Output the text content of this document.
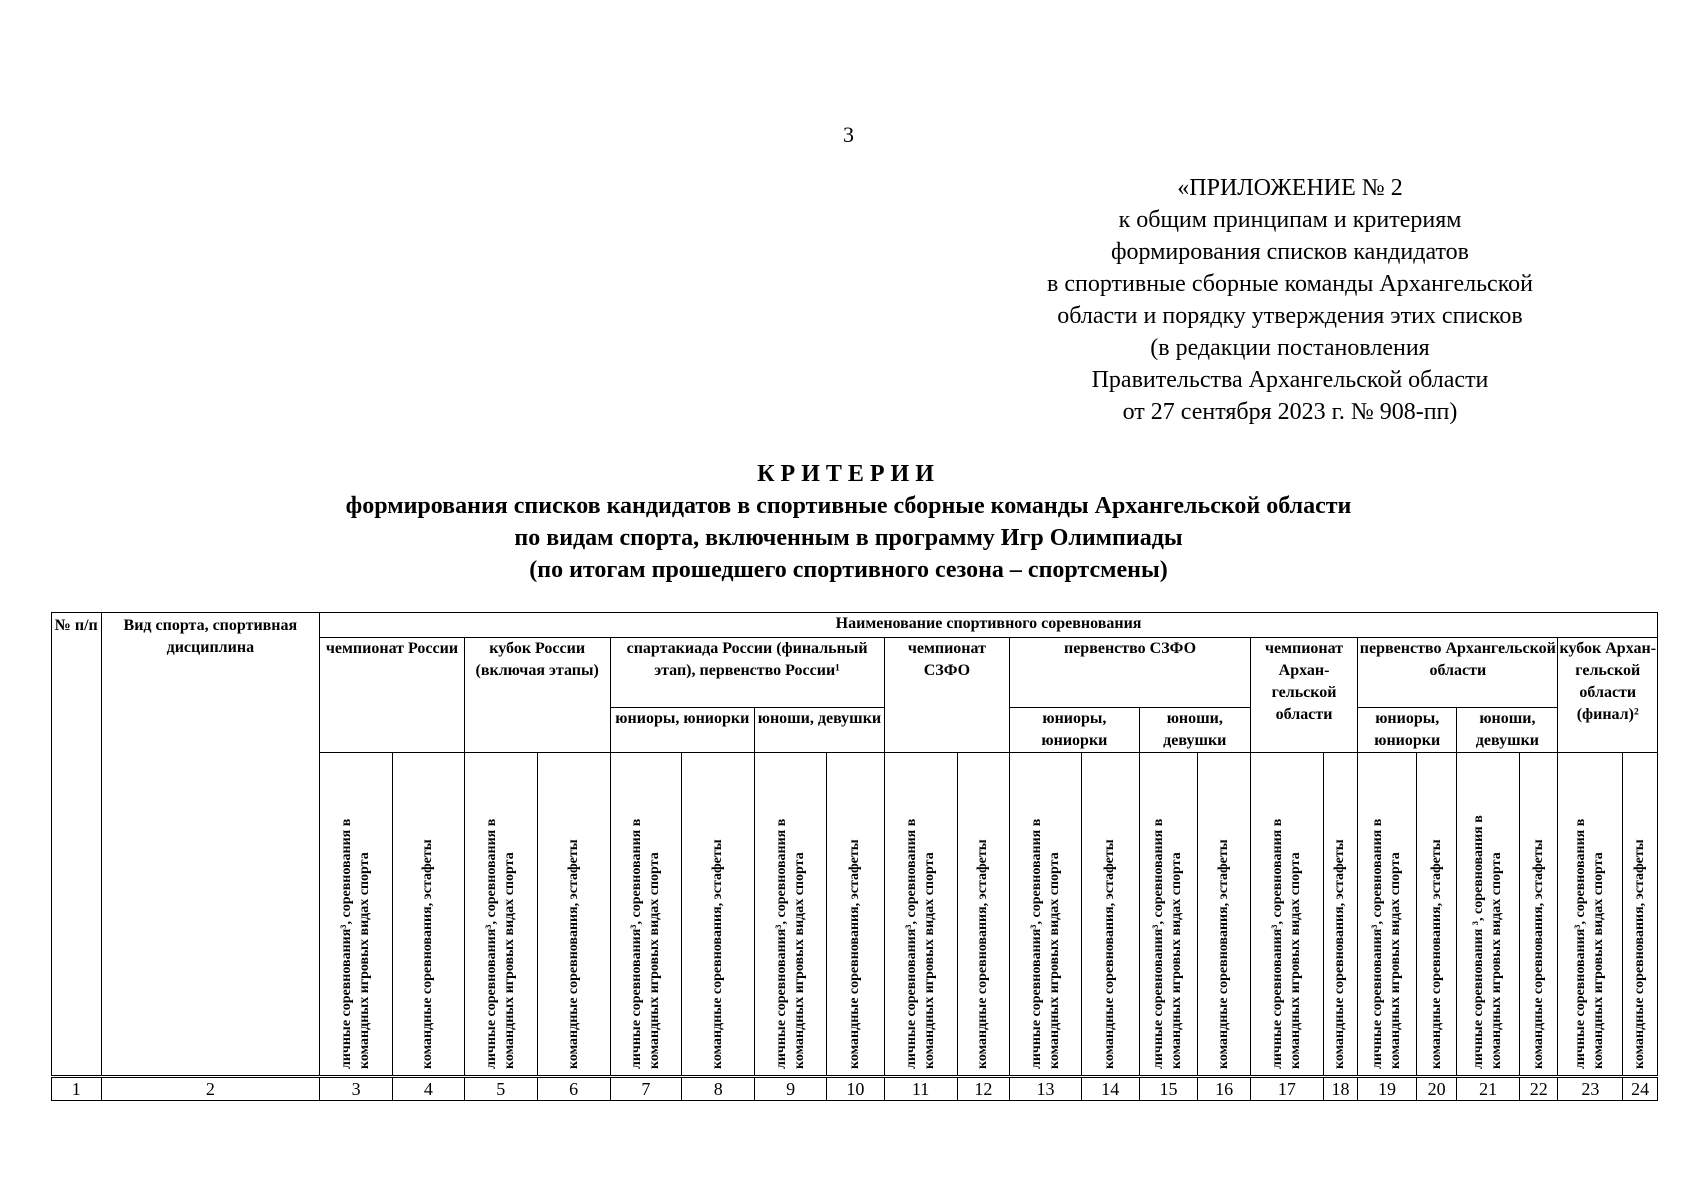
3
«ПРИЛОЖЕНИЕ № 2
к общим принципам и критериям
формирования списков кандидатов
в спортивные сборные команды Архангельской
области и порядку утверждения этих списков
(в редакции постановления
Правительства Архангельской области
от 27 сентября 2023 г. № 908-пп)
КРИТЕРИИ
формирования списков кандидатов в спортивные сборные команды Архангельской области
по видам спорта, включенным в программу Игр Олимпиады
(по итогам прошедшего спортивного сезона – спортсмены)
№ п/п	Вид спорта, спортивная дисциплина	Наименование спортивного соревнования																					

		чемпионат России		кубок России (включая этапы)		спартакиада России (финальный этап), первенство России¹				чемпионат СЗФО		первенство СЗФО				чемпионат Архан-гельской области		первенство Архангельской области				кубок Архан-гельской области (финал)²	

						юниоры, юниорки		юноши, девушки				юниоры, юниорки		юноши, девушки				юниоры, юниорки		юноши, девушки			

		личные соревнования³, соревнования в командных игровых видах спорта	командные соревнования, эстафеты	личные соревнования³, соревнования в командных игровых видах спорта	командные соревнования, эстафеты	личные соревнования³, соревнования в командных игровых видах спорта	командные соревнования, эстафеты	личные соревнования³, соревнования в командных игровых видах спорта	командные соревнования, эстафеты	личные соревнования³, соревнования в командных игровых видах спорта	командные соревнования, эстафеты	личные соревнования³, соревнования в командных игровых видах спорта	командные соревнования, эстафеты	личные соревнования³, соревнования в командных игровых видах спорта	командные соревнования, эстафеты	личные соревнования³, соревнования в командных игровых видах спорта	командные соревнования, эстафеты	личные соревнования³, соревнования в командных игровых видах спорта	командные соревнования, эстафеты	личные соревнования ³, соревнования в командных игровых видах спорта	командные соревнования, эстафеты	личные соревнования³, соревнования в командных игровых видах спорта	командные соревнования, эстафеты

1	2	3	4	5	6	7	8	9	10	11	12	13	14	15	16	17	18	19	20	21	22	23	24
